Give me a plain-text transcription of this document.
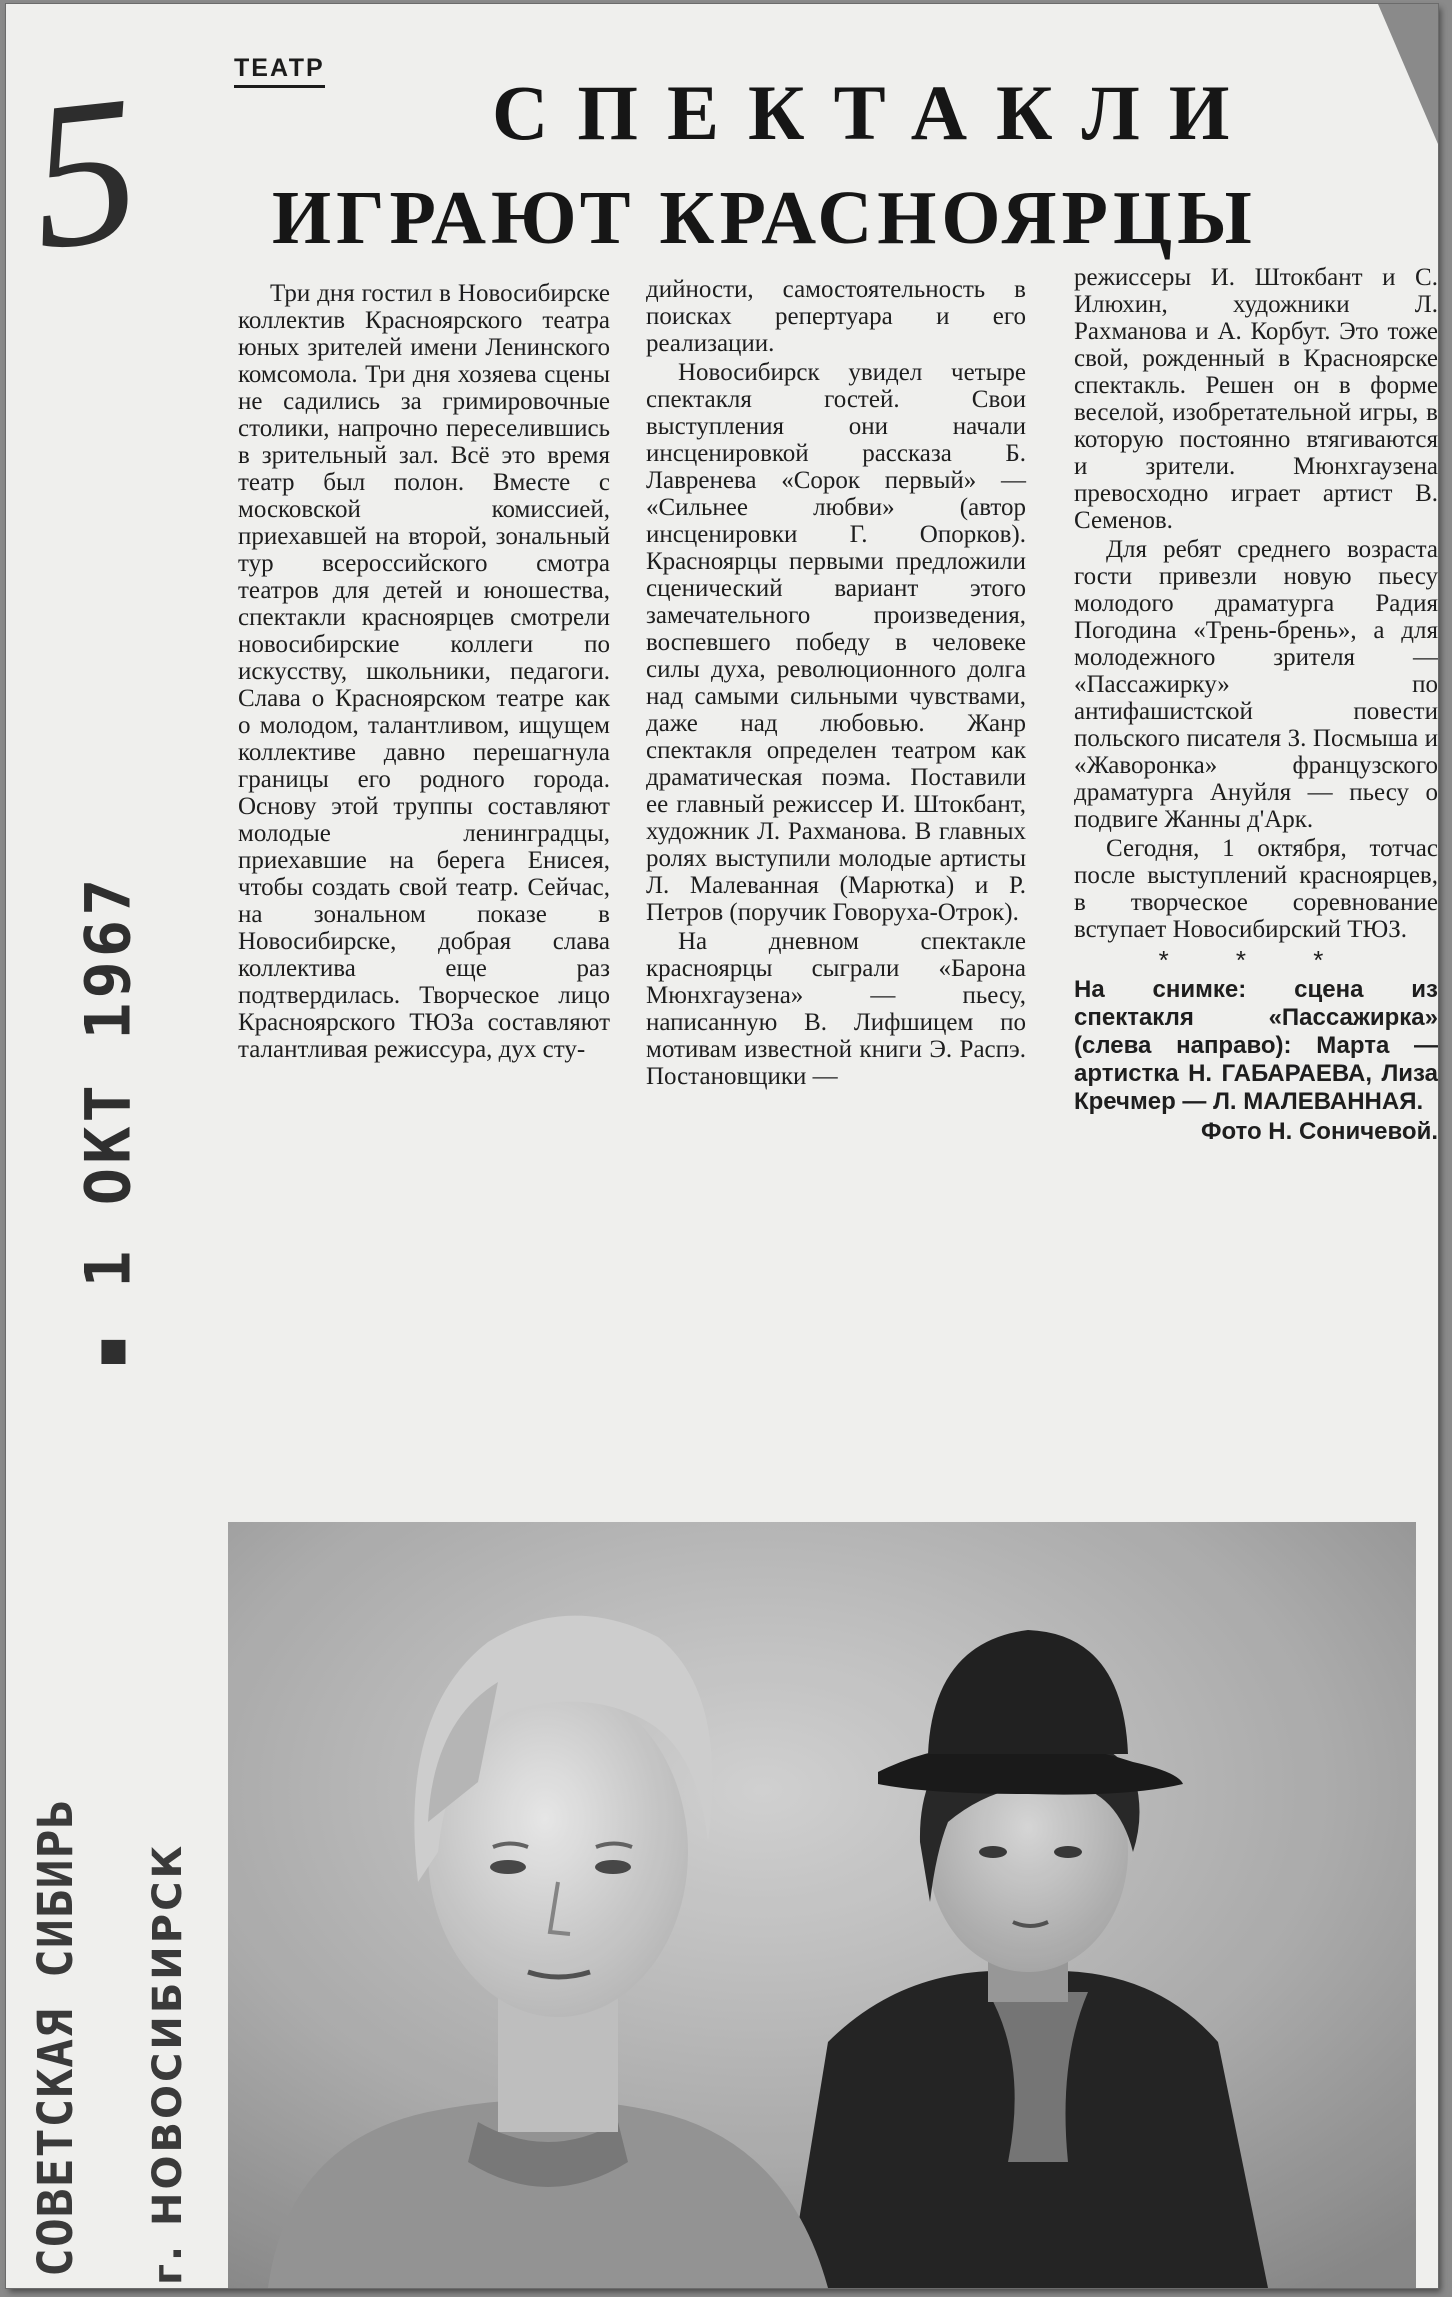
5
▪ 1 ОКТ 1967
СОВЕТСКАЯ СИБИРЬ г. НОВОСИБИРСК
ТЕАТР
СПЕКТАКЛИ
ИГРАЮТ КРАСНОЯРЦЫ

Три дня гостил в Новосибирске коллектив Красноярского театра юных зрителей имени Ленинского комсомола. Три дня хозяева сцены не садились за гримировочные столики, напрочно переселившись в зрительный зал. Всё это время театр был полон. Вместе с московской комиссией, приехавшей на второй, зональный тур всероссийского смотра театров для детей и юношества, спектакли красноярцев смотрели новосибирские коллеги по искусству, школьники, педагоги. Слава о Красноярском театре как о молодом, талантливом, ищущем коллективе давно перешагнула границы его родного города. Основу этой труппы составляют молодые ленинградцы, приехавшие на берега Енисея, чтобы создать свой театр. Сейчас, на зональном показе в Новосибирске, добрая слава коллектива еще раз подтвердилась. Творческое лицо Красноярского ТЮЗа составляют талантливая режиссура, дух сту-

дийности, самостоятельность в поисках репертуара и его реализации.

Новосибирск увидел четыре спектакля гостей. Свои выступления они начали инсценировкой рассказа Б. Лавренева «Сорок первый» — «Сильнее любви» (автор инсценировки Г. Опорков). Красноярцы первыми предложили сценический вариант этого замечательного произведения, воспевшего победу в человеке силы духа, революционного долга над самыми сильными чувствами, даже над любовью. Жанр спектакля определен театром как драматическая поэма. Поставили ее главный режиссер И. Штокбант, художник Л. Рахманова. В главных ролях выступили молодые артисты Л. Малеванная (Марютка) и Р. Петров (поручик Говоруха-Отрок).

На дневном спектакле красноярцы сыграли «Барона Мюнхгаузена» — пьесу, написанную В. Лифшицем по мотивам известной книги Э. Распэ. Постановщики —

режиссеры И. Штокбант и С. Илюхин, художники Л. Рахманова и А. Корбут. Это тоже свой, рожденный в Красноярске спектакль. Решен он в форме веселой, изобретательной игры, в которую постоянно втягиваются и зрители. Мюнхгаузена превосходно играет артист В. Семенов.

Для ребят среднего возраста гости привезли новую пьесу молодого драматурга Радия Погодина «Трень-брень», а для молодежного зрителя — «Пассажирку» по антифашистской повести польского писателя З. Посмыша и «Жаворонка» французского драматурга Ануйля — пьесу о подвиге Жанны д'Арк.

Сегодня, 1 октября, тотчас после выступлений красноярцев, в творческое соревнование вступает Новосибирский ТЮЗ.

* * *
На снимке: сцена из спектакля «Пассажирка» (слева направо): Марта — артистка Н. ГАБАРАЕВА, Лиза Кречмер — Л. МАЛЕВАННАЯ.
Фото Н. Соничевой.
